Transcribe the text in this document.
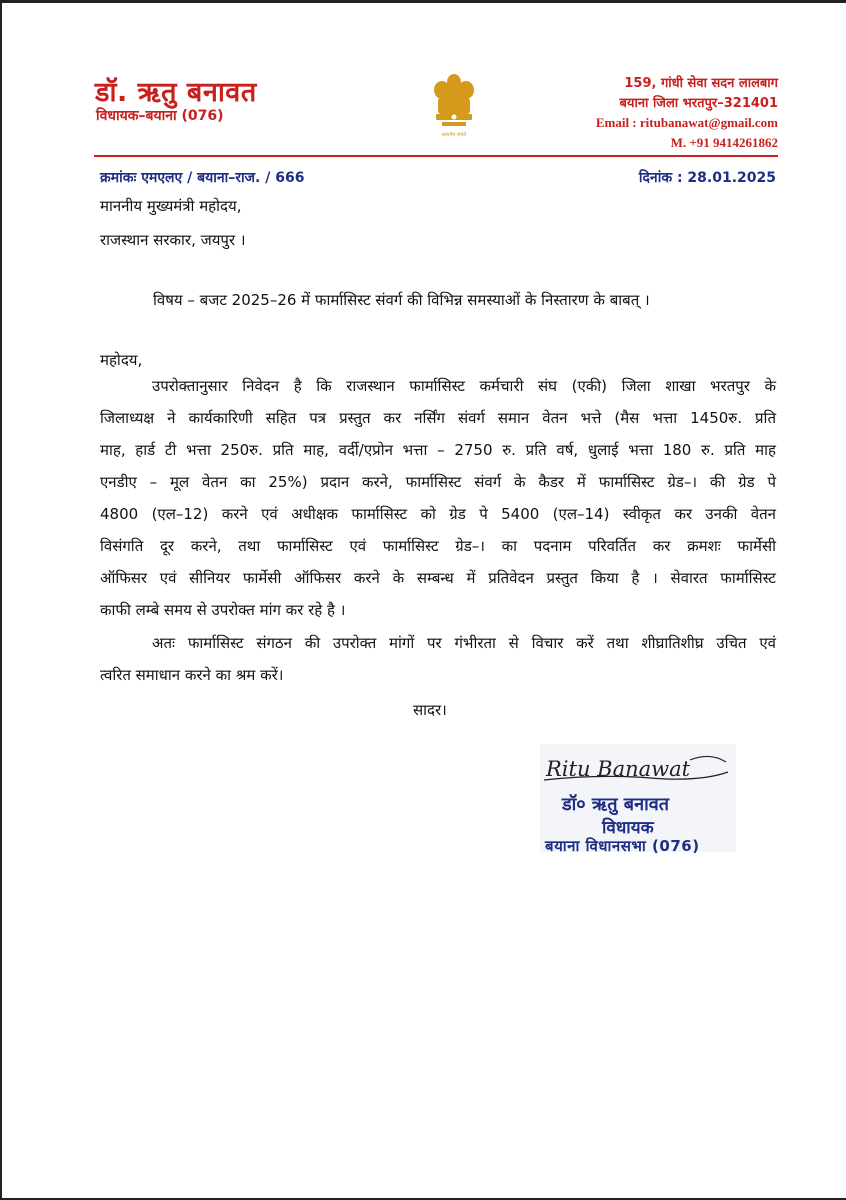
डॉ. ऋतु बनावत
विधायक–बयाना (076)
सत्यमेव जयते
159, गांधी सेवा सदन लालबाग
बयाना जिला भरतपुर–321401
Email : ritubanawat@gmail.com
M. +91 9414261862
क्रमांकः एमएलए / बयाना–राज. / 666	दिनांक : 28.01.2025
माननीय मुख्यमंत्री महोदय,
राजस्थान सरकार, जयपुर ।
विषय – बजट 2025–26 में फार्मासिस्ट संवर्ग की विभिन्न समस्याओं के निस्तारण के बाबत् ।
महोदय,
उपरोक्तानुसार निवेदन है कि राजस्थान फार्मासिस्ट कर्मचारी संघ (एकी) जिला शाखा भरतपुर के
जिलाध्यक्ष ने कार्यकारिणी सहित पत्र प्रस्तुत कर नर्सिंग संवर्ग समान वेतन भत्ते (मैस भत्ता 1450रु. प्रति
माह, हार्ड टी भत्ता 250रु. प्रति माह, वर्दी/एप्रोन भत्ता – 2750 रु. प्रति वर्ष, धुलाई भत्ता 180 रु. प्रति माह
एनडीए – मूल वेतन का 25%) प्रदान करने, फार्मासिस्ट संवर्ग के कैडर में फार्मासिस्ट ग्रेड–। की ग्रेड पे
4800 (एल–12) करने एवं अधीक्षक फार्मासिस्ट को ग्रेड पे 5400 (एल–14) स्वीकृत कर उनकी वेतन
विसंगति दूर करने, तथा फार्मासिस्ट एवं फार्मासिस्ट ग्रेड–। का पदनाम परिवर्तित कर क्रमशः फार्मेसी
ऑफिसर एवं सीनियर फार्मेसी ऑफिसर करने के सम्बन्ध में प्रतिवेदन प्रस्तुत किया है । सेवारत फार्मासिस्ट
काफी लम्बे समय से उपरोक्त मांग कर रहे है ।
अतः फार्मासिस्ट संगठन की उपरोक्त मांगों पर गंभीरता से विचार करें तथा शीघ्रातिशीघ्र उचित एवं
त्वरित समाधान करने का श्रम करें।
सादर।
Ritu Banawat
डॉ० ऋतु बनावत
विधायक
बयाना विधानसभा (076)
